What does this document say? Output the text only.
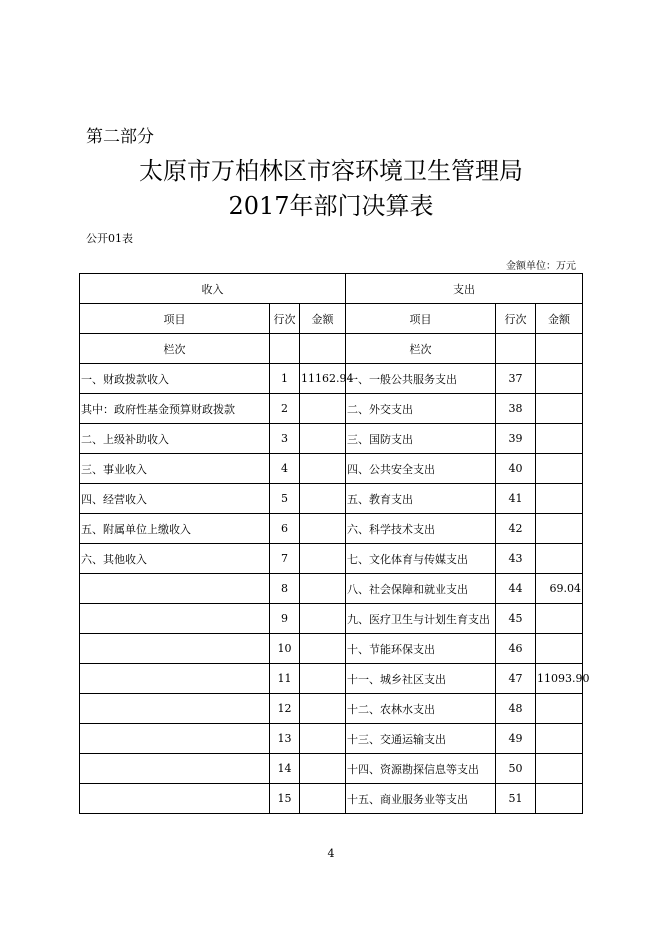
第二部分
太原市万柏林区市容环境卫生管理局
2017年部门决算表
公开01表
金额单位：万元
收入			支出		
项目	行次	金额	项目	行次	金额
栏次			栏次		
一、财政拨款收入	1	11162.94	一、一般公共服务支出	37	
其中：政府性基金预算财政拨款	2		二、外交支出	38	
二、上级补助收入	3		三、国防支出	39	
三、事业收入	4		四、公共安全支出	40	
四、经营收入	5		五、教育支出	41	
五、附属单位上缴收入	6		六、科学技术支出	42	
六、其他收入	7		七、文化体育与传媒支出	43	
	8		八、社会保障和就业支出	44	69.04
	9		九、医疗卫生与计划生育支出	45	
	10		十、节能环保支出	46	
	11		十一、城乡社区支出	47	11093.90
	12		十二、农林水支出	48	
	13		十三、交通运输支出	49	
	14		十四、资源勘探信息等支出	50	
	15		十五、商业服务业等支出	51	
4
